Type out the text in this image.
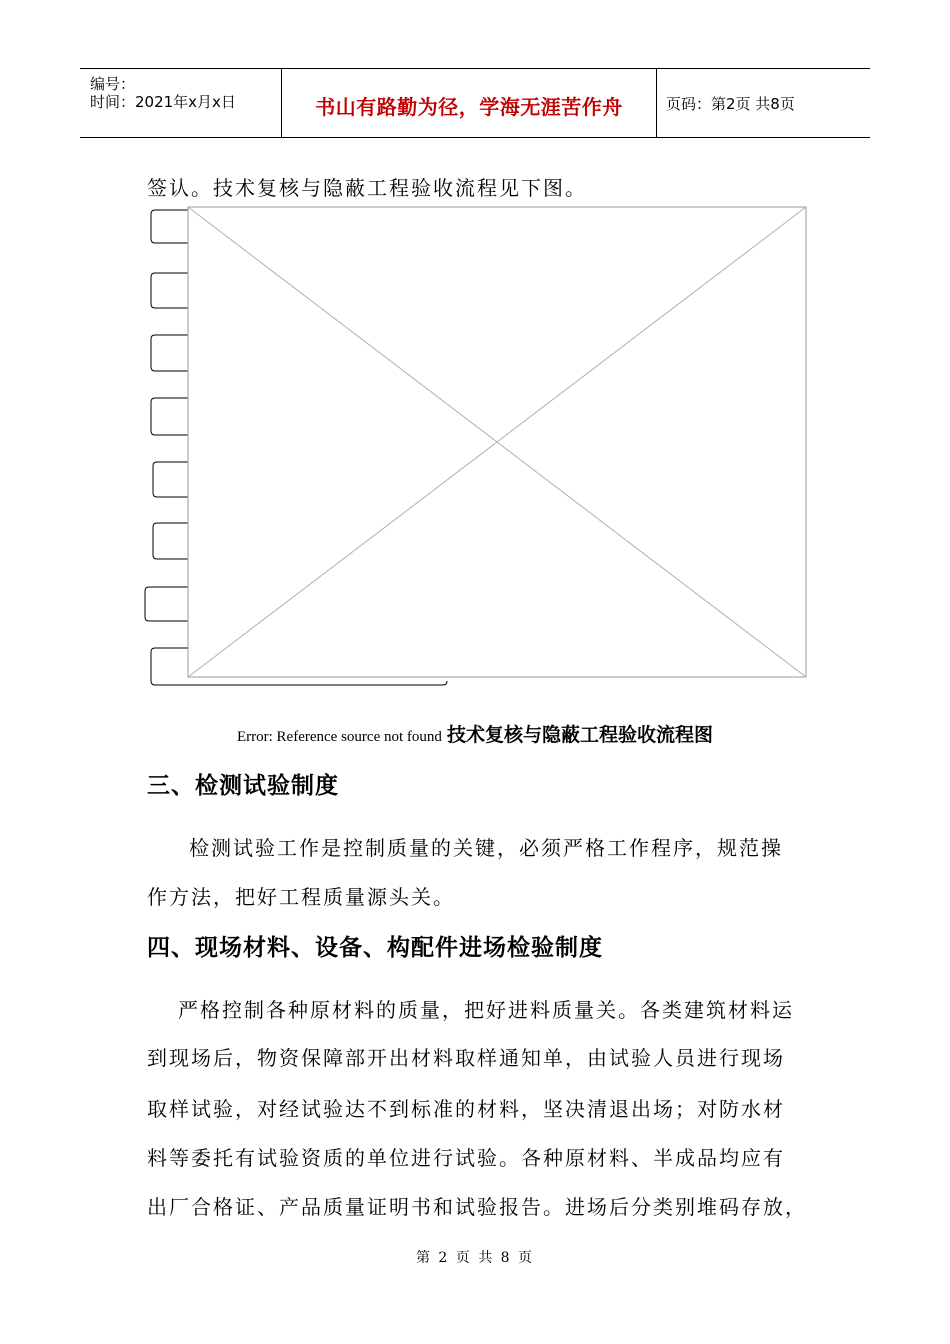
编号：
时间：2021年x月x日	书山有路勤为径，学海无涯苦作舟	页码：第2页 共8页
签认。技术复核与隐蔽工程验收流程见下图。
Error: Reference source not found 技术复核与隐蔽工程验收流程图
三、检测试验制度
检测试验工作是控制质量的关键，必须严格工作程序，规范操
作方法，把好工程质量源头关。
四、现场材料、设备、构配件进场检验制度
严格控制各种原材料的质量，把好进料质量关。各类建筑材料运
到现场后，物资保障部开出材料取样通知单，由试验人员进行现场
取样试验，对经试验达不到标准的材料，坚决清退出场；对防水材
料等委托有试验资质的单位进行试验。各种原材料、半成品均应有
出厂合格证、产品质量证明书和试验报告。进场后分类别堆码存放，
第 2 页 共 8 页
